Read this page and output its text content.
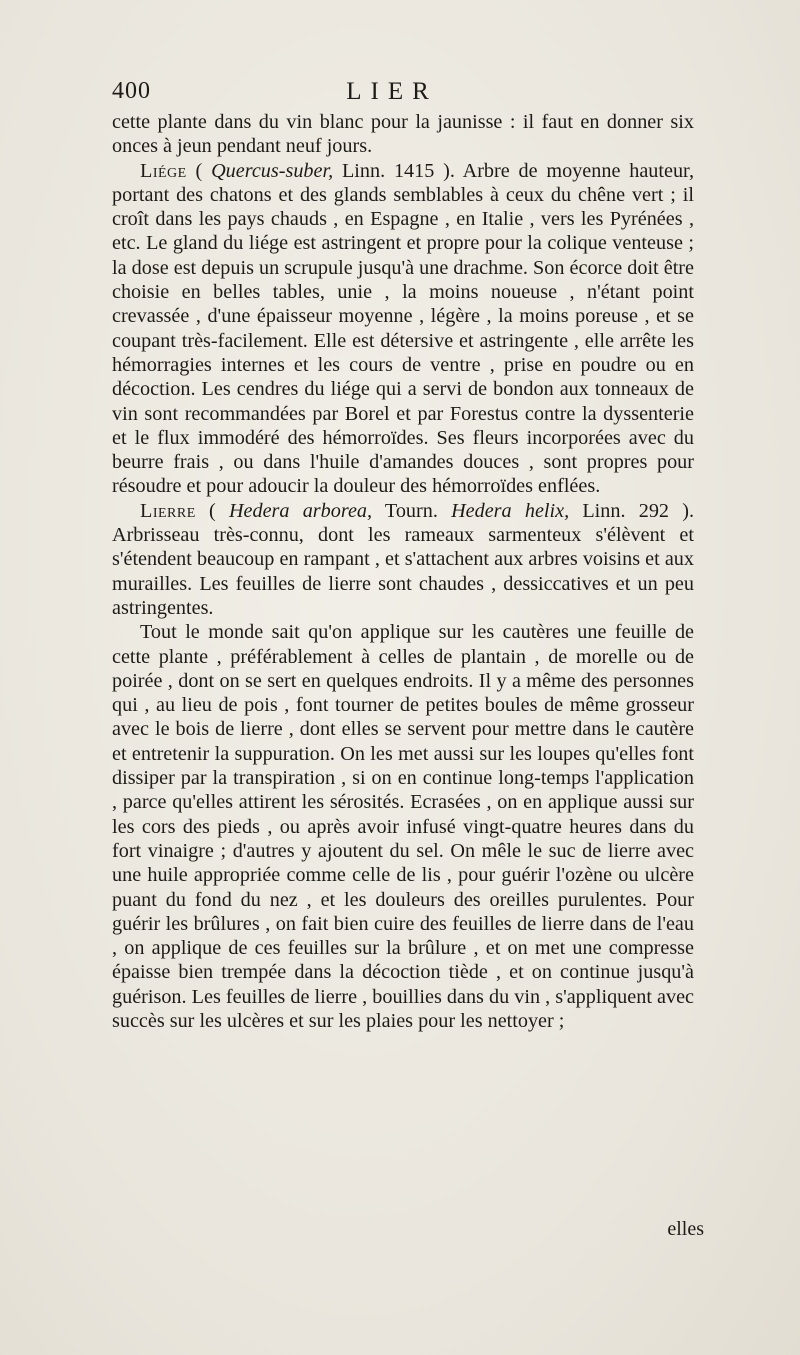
400	LIER

cette plante dans du vin blanc pour la jaunisse : il faut en donner six onces à jeun pendant neuf jours.

Liége ( Quercus-suber, Linn. 1415 ). Arbre de moyenne hauteur, portant des chatons et des glands semblables à ceux du chêne vert ; il croît dans les pays chauds , en Espagne , en Italie , vers les Pyrénées , etc. Le gland du liége est astringent et propre pour la colique venteuse ; la dose est depuis un scrupule jusqu'à une drachme. Son écorce doit être choisie en belles tables, unie , la moins noueuse , n'étant point crevassée , d'une épaisseur moyenne , légère , la moins poreuse , et se coupant très-facilement. Elle est détersive et astringente , elle arrête les hémorragies internes et les cours de ventre , prise en poudre ou en décoction. Les cendres du liége qui a servi de bondon aux tonneaux de vin sont recommandées par Borel et par Forestus contre la dyssenterie et le flux immodéré des hémorroïdes. Ses fleurs incorporées avec du beurre frais , ou dans l'huile d'amandes douces , sont propres pour résoudre et pour adoucir la douleur des hémorroïdes enflées.

Lierre ( Hedera arborea, Tourn. Hedera helix, Linn. 292 ). Arbrisseau très-connu, dont les rameaux sarmenteux s'élèvent et s'étendent beaucoup en rampant , et s'attachent aux arbres voisins et aux murailles. Les feuilles de lierre sont chaudes , dessiccatives et un peu astringentes.

Tout le monde sait qu'on applique sur les cautères une feuille de cette plante , préférablement à celles de plantain , de morelle ou de poirée , dont on se sert en quelques endroits. Il y a même des personnes qui , au lieu de pois , font tourner de petites boules de même grosseur avec le bois de lierre , dont elles se servent pour mettre dans le cautère et entretenir la suppuration. On les met aussi sur les loupes qu'elles font dissiper par la transpiration , si on en continue long-temps l'application , parce qu'elles attirent les sérosités. Ecrasées , on en applique aussi sur les cors des pieds , ou après avoir infusé vingt-quatre heures dans du fort vinaigre ; d'autres y ajoutent du sel. On mêle le suc de lierre avec une huile appropriée comme celle de lis , pour guérir l'ozène ou ulcère puant du fond du nez , et les douleurs des oreilles purulentes. Pour guérir les brûlures , on fait bien cuire des feuilles de lierre dans de l'eau , on applique de ces feuilles sur la brûlure , et on met une compresse épaisse bien trempée dans la décoction tiède , et on continue jusqu'à guérison. Les feuilles de lierre , bouillies dans du vin , s'appliquent avec succès sur les ulcères et sur les plaies pour les nettoyer ;

elles
